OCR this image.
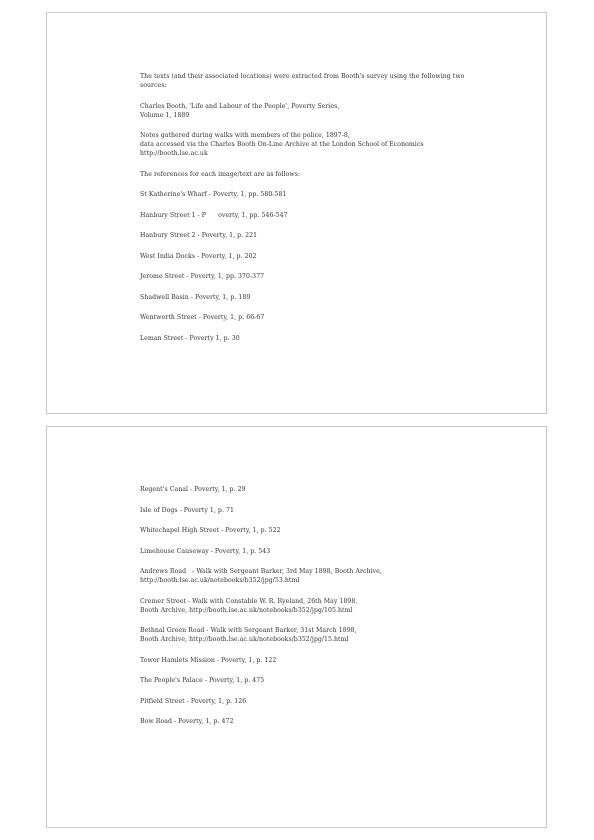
The texts (and their associated locations) were extracted from Booth's survey using the following two sources:

Charles Booth, 'Life and Labour of the People', Poverty Series,
Volume 1, 1889

Notes gathered during walks with members of the police, 1897-8,
data accessed via the Charles Booth On-Line Archive at the London School of Economics
http://booth.lse.ac.uk

The references for each image/text are as follows:

St Katherine's Wharf - Poverty, 1, pp. 580-581

Hanbury Street 1 - P      overty, 1, pp. 546-547

Hanbury Street 2 - Poverty, 1, p. 221

West India Docks - Poverty, 1, p. 202

Jerome Street - Poverty, 1, pp. 370-377

Shadwell Basin - Poverty, 1, p. 189

Wentworth Street - Poverty, 1, p. 66-67

Leman Street - Poverty 1, p. 30

Regent's Canal - Poverty, 1, p. 29

Isle of Dogs - Poverty 1, p. 71

Whitechapel High Street - Poverty, 1, p. 522

Limehouse Causeway - Poverty, 1, p. 543

Andrews Road   - Walk with Sergeant Barker, 3rd May 1898, Booth Archive,
http://booth.lse.ac.uk/notebooks/b352/jpg/53.html

Cremer Street - Walk with Constable W. R. Ryeland, 26th May 1898,
Booth Archive, http://booth.lse.ac.uk/notebooks/b352/jpg/105.html

Bethnal Green Road - Walk with Sergeant Barker, 31st March 1898,
Booth Archive, http://booth.lse.ac.uk/notebooks/b352/jpg/15.html

Tower Hamlets Mission - Poverty, 1, p. 122

The People's Palace - Poverty, 1, p. 475

Pitfield Street - Poverty, 1, p. 126

Bow Road - Poverty, 1, p. 472
